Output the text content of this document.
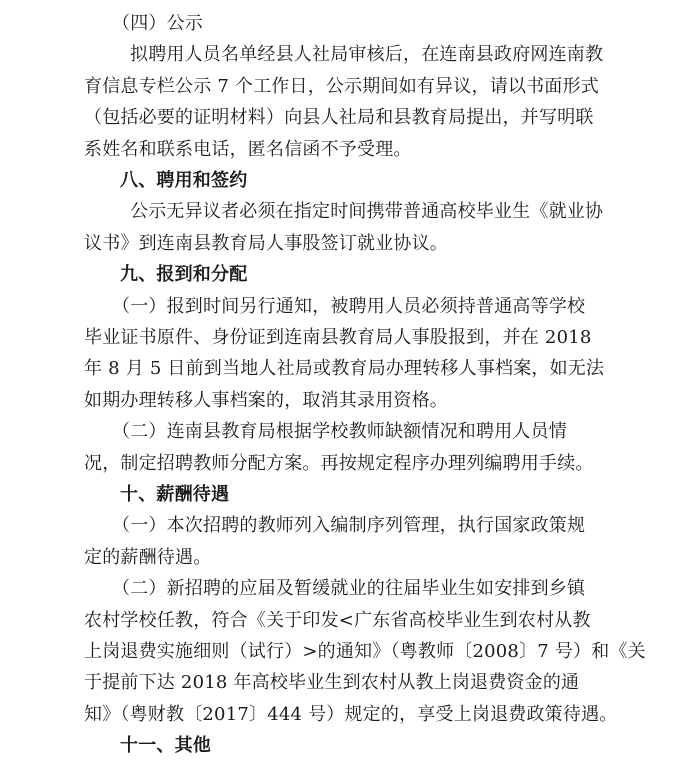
（四）公示
拟聘用人员名单经县人社局审核后，在连南县政府网连南教
育信息专栏公示 7 个工作日，公示期间如有异议，请以书面形式
（包括必要的证明材料）向县人社局和县教育局提出，并写明联
系姓名和联系电话，匿名信函不予受理。
八、聘用和签约
公示无异议者必须在指定时间携带普通高校毕业生《就业协
议书》到连南县教育局人事股签订就业协议。
九、报到和分配
（一）报到时间另行通知，被聘用人员必须持普通高等学校
毕业证书原件、身份证到连南县教育局人事股报到，并在 2018
年 8 月 5 日前到当地人社局或教育局办理转移人事档案，如无法
如期办理转移人事档案的，取消其录用资格。
（二）连南县教育局根据学校教师缺额情况和聘用人员情
况，制定招聘教师分配方案。再按规定程序办理列编聘用手续。
十、薪酬待遇
（一）本次招聘的教师列入编制序列管理，执行国家政策规
定的薪酬待遇。
（二）新招聘的应届及暂缓就业的往届毕业生如安排到乡镇
农村学校任教，符合《关于印发<广东省高校毕业生到农村从教
上岗退费实施细则（试行）>的通知》（粤教师〔2008〕7 号）和《关
于提前下达 2018 年高校毕业生到农村从教上岗退费资金的通
知》（粤财教〔2017〕444 号）规定的，享受上岗退费政策待遇。
十一、其他
